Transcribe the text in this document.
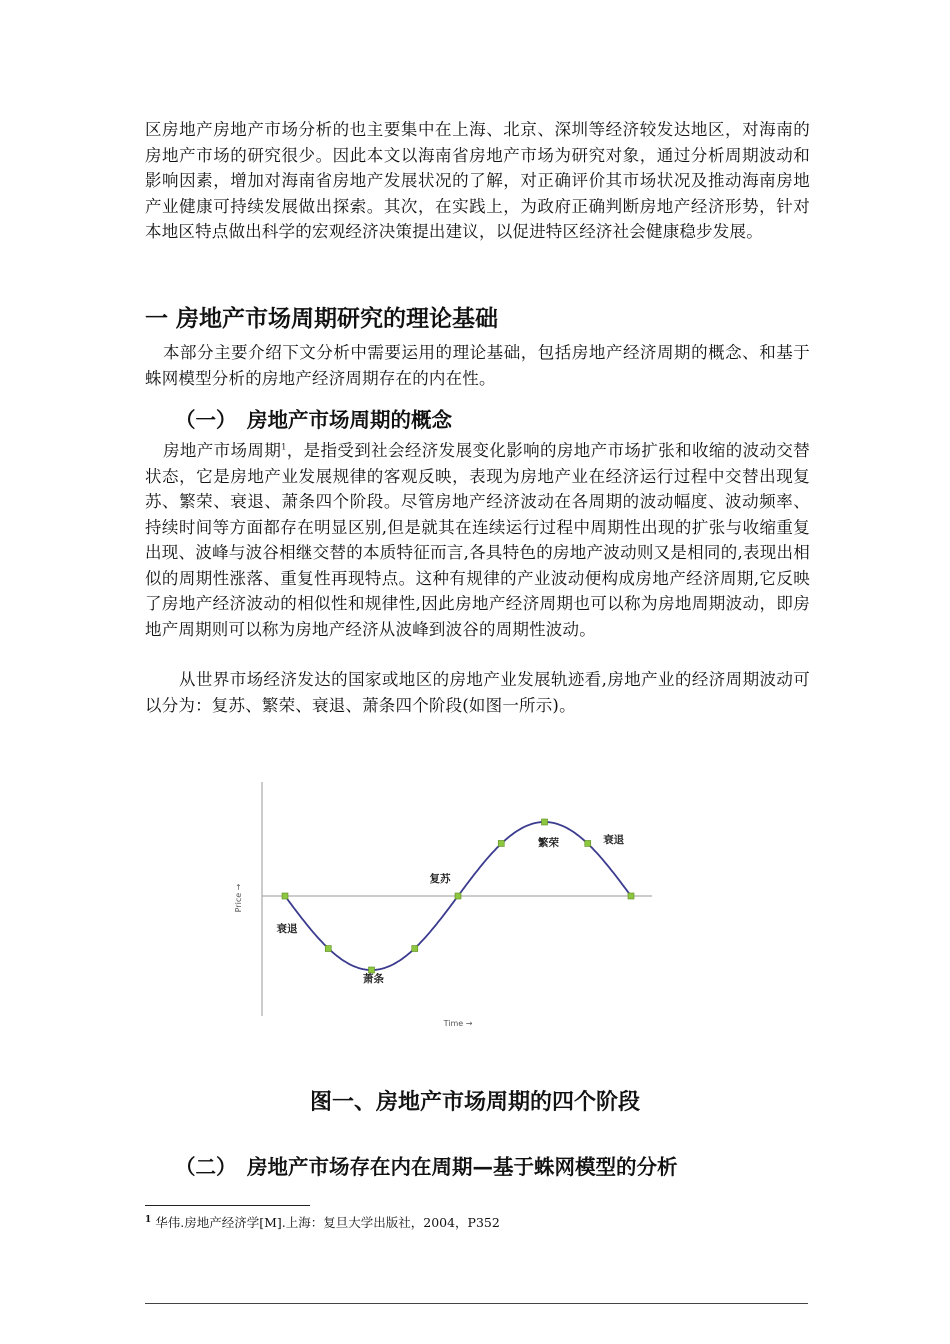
区房地产房地产市场分析的也主要集中在上海、北京、深圳等经济较发达地区，对海南的房地产市场的研究很少。因此本文以海南省房地产市场为研究对象，通过分析周期波动和影响因素，增加对海南省房地产发展状况的了解，对正确评价其市场状况及推动海南房地产业健康可持续发展做出探索。其次，在实践上，为政府正确判断房地产经济形势，针对本地区特点做出科学的宏观经济决策提出建议，以促进特区经济社会健康稳步发展。
一 房地产市场周期研究的理论基础
本部分主要介绍下文分析中需要运用的理论基础，包括房地产经济周期的概念、和基于蛛网模型分析的房地产经济周期存在的内在性。
（一） 房地产市场周期的概念
房地产市场周期$^1$，是指受到社会经济发展变化影响的房地产市场扩张和收缩的波动交替状态，它是房地产业发展规律的客观反映，表现为房地产业在经济运行过程中交替出现复苏、繁荣、衰退、萧条四个阶段。尽管房地产经济波动在各周期的波动幅度、波动频率、持续时间等方面都存在明显区别,但是就其在连续运行过程中周期性出现的扩张与收缩重复出现、波峰与波谷相继交替的本质特征而言,各具特色的房地产波动则又是相同的,表现出相似的周期性涨落、重复性再现特点。这种有规律的产业波动便构成房地产经济周期,它反映了房地产经济波动的相似性和规律性,因此房地产经济周期也可以称为房地周期波动，即房地产周期则可以称为房地产经济从波峰到波谷的周期性波动。
从世界市场经济发达的国家或地区的房地产业发展轨迹看,房地产业的经济周期波动可以分为：复苏、繁荣、衰退、萧条四个阶段(如图一所示)。
衰退
萧条
复苏
繁荣	衰退
Price →
Time →
图一、房地产市场周期的四个阶段
（二） 房地产市场存在内在周期—基于蛛网模型的分析
$^1$ 华伟.房地产经济学[M].上海：复旦大学出版社，2004，P352
